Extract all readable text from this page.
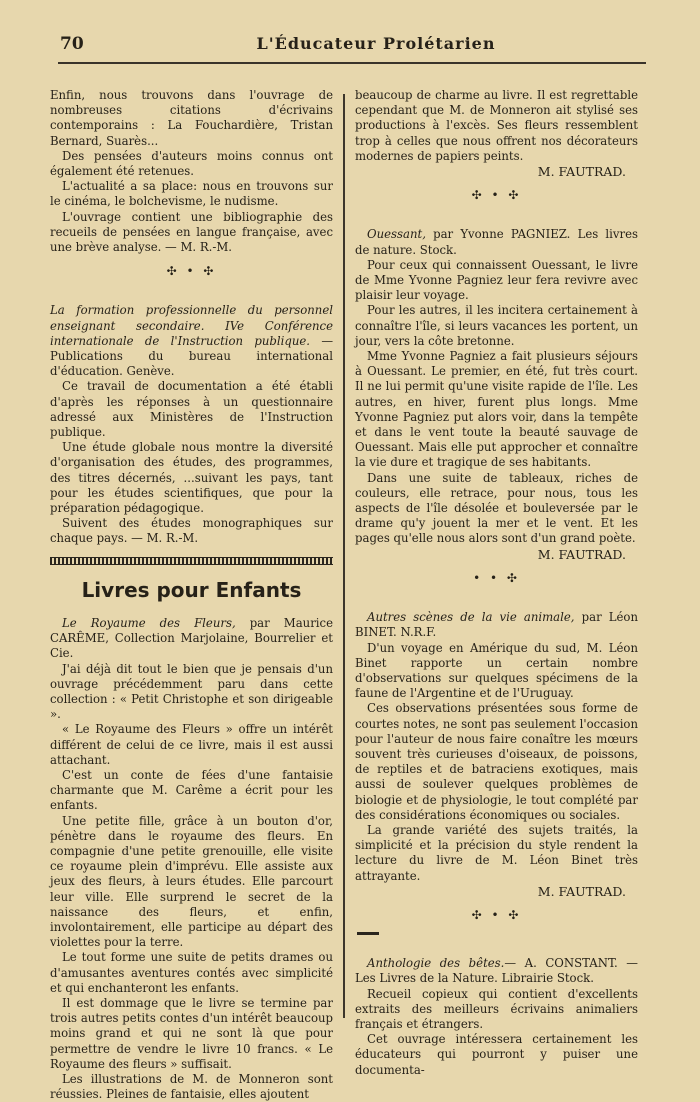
70	L'Éducateur Prolétarien

Enfin, nous trouvons dans l'ouvrage de nombreuses citations d'écrivains contemporains : La Fouchardière, Tristan Bernard, Suarès...

Des pensées d'auteurs moins connus ont également été retenues.

L'actualité a sa place: nous en trouvons sur le cinéma, le bolchevisme, le nudisme.

L'ouvrage contient une bibliographie des recueils de pensées en langue française, avec une brève analyse. — M. R.-M.

✣ • ✣

La formation professionnelle du personnel enseignant secondaire. IVe Conférence internationale de l'Instruction publique. — Publications du bureau international d'éducation. Genève.

Ce travail de documentation a été établi d'après les réponses à un questionnaire adressé aux Ministères de l'Instruction publique.

Une étude globale nous montre la diversité d'organisation des études, des programmes, des titres décernés, ...suivant les pays, tant pour les études scientifiques, que pour la préparation pédagogique.

Suivent des études monographiques sur chaque pays. — M. R.-M.

Livres pour Enfants

Le Royaume des Fleurs, par Maurice CARÊME, Collection Marjolaine, Bourrelier et Cie.

J'ai déjà dit tout le bien que je pensais d'un ouvrage précédemment paru dans cette collection : « Petit Christophe et son dirigeable ».

« Le Royaume des Fleurs » offre un intérêt différent de celui de ce livre, mais il est aussi attachant.

C'est un conte de fées d'une fantaisie charmante que M. Carême a écrit pour les enfants.

Une petite fille, grâce à un bouton d'or, pénètre dans le royaume des fleurs. En compagnie d'une petite grenouille, elle visite ce royaume plein d'imprévu. Elle assiste aux jeux des fleurs, à leurs études. Elle parcourt leur ville. Elle surprend le secret de la naissance des fleurs, et enfin, involontairement, elle participe au départ des violettes pour la terre.

Le tout forme une suite de petits drames ou d'amusantes aventures contés avec simplicité et qui enchanteront les enfants.

Il est dommage que le livre se termine par trois autres petits contes d'un intérêt beaucoup moins grand et qui ne sont là que pour permettre de vendre le livre 10 francs. « Le Royaume des fleurs » suffisait.

Les illustrations de M. de Monneron sont réussies. Pleines de fantaisie, elles ajoutent

beaucoup de charme au livre. Il est regrettable cependant que M. de Monneron ait stylisé ses productions à l'excès. Ses fleurs ressemblent trop à celles que nous offrent nos décorateurs modernes de papiers peints.

M. FAUTRAD.

✣ • ✣

Ouessant, par Yvonne PAGNIEZ. Les livres de nature. Stock.

Pour ceux qui connaissent Ouessant, le livre de Mme Yvonne Pagniez leur fera revivre avec plaisir leur voyage.

Pour les autres, il les incitera certainement à connaître l'île, si leurs vacances les portent, un jour, vers la côte bretonne.

Mme Yvonne Pagniez a fait plusieurs séjours à Ouessant. Le premier, en été, fut très court. Il ne lui permit qu'une visite rapide de l'île. Les autres, en hiver, furent plus longs. Mme Yvonne Pagniez put alors voir, dans la tempête et dans le vent toute la beauté sauvage de Ouessant. Mais elle put approcher et connaître la vie dure et tragique de ses habitants.

Dans une suite de tableaux, riches de couleurs, elle retrace, pour nous, tous les aspects de l'île désolée et bouleversée par le drame qu'y jouent la mer et le vent. Et les pages qu'elle nous alors sont d'un grand poète.

M. FAUTRAD.

• • ✣

Autres scènes de la vie animale, par Léon BINET. N.R.F.

D'un voyage en Amérique du sud, M. Léon Binet rapporte un certain nombre d'observations sur quelques spécimens de la faune de l'Argentine et de l'Uruguay.

Ces observations présentées sous forme de courtes notes, ne sont pas seulement l'occasion pour l'auteur de nous faire conaître les mœurs souvent très curieuses d'oiseaux, de poissons, de reptiles et de batraciens exotiques, mais aussi de soulever quelques problèmes de biologie et de physiologie, le tout complété par des considérations économiques ou sociales.

La grande variété des sujets traités, la simplicité et la précision du style rendent la lecture du livre de M. Léon Binet très attrayante.

M. FAUTRAD.

✣ • ✣

Anthologie des bêtes.— A. CONSTANT. — Les Livres de la Nature. Librairie Stock.

Recueil copieux qui contient d'excellents extraits des meilleurs écrivains animaliers français et étrangers.

Cet ouvrage intéressera certainement les éducateurs qui pourront y puiser une documenta-
